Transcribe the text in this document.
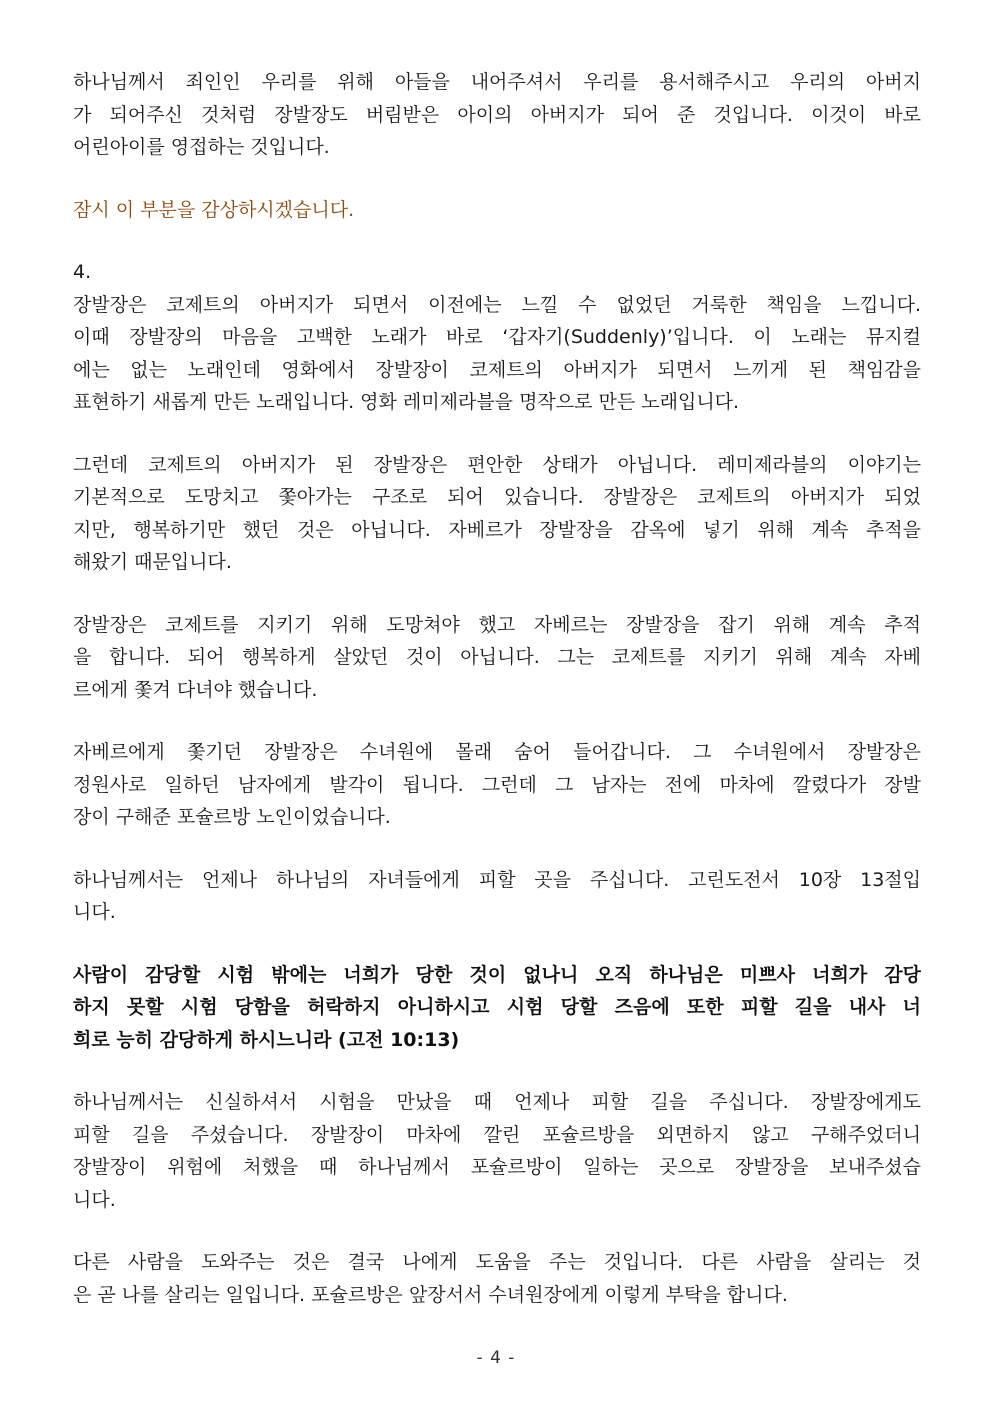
하나님께서 죄인인 우리를 위해 아들을 내어주셔서 우리를 용서해주시고 우리의 아버지
가 되어주신 것처럼 장발장도 버림받은 아이의 아버지가 되어 준 것입니다. 이것이 바로
어린아이를 영접하는 것입니다.
잠시 이 부분을 감상하시겠습니다.
4.
장발장은 코제트의 아버지가 되면서 이전에는 느낄 수 없었던 거룩한 책임을 느낍니다.
이때 장발장의 마음을 고백한 노래가 바로 ‘갑자기(Suddenly)’입니다. 이 노래는 뮤지컬
에는 없는 노래인데 영화에서 장발장이 코제트의 아버지가 되면서 느끼게 된 책임감을
표현하기 새롭게 만든 노래입니다. 영화 레미제라블을 명작으로 만든 노래입니다.
그런데 코제트의 아버지가 된 장발장은 편안한 상태가 아닙니다. 레미제라블의 이야기는
기본적으로 도망치고 쫓아가는 구조로 되어 있습니다. 장발장은 코제트의 아버지가 되었
지만, 행복하기만 했던 것은 아닙니다. 자베르가 장발장을 감옥에 넣기 위해 계속 추적을
해왔기 때문입니다.
장발장은 코제트를 지키기 위해 도망쳐야 했고 자베르는 장발장을 잡기 위해 계속 추적
을 합니다. 되어 행복하게 살았던 것이 아닙니다. 그는 코제트를 지키기 위해 계속 자베
르에게 쫓겨 다녀야 했습니다.
자베르에게 쫓기던 장발장은 수녀원에 몰래 숨어 들어갑니다. 그 수녀원에서 장발장은
정원사로 일하던 남자에게 발각이 됩니다. 그런데 그 남자는 전에 마차에 깔렸다가 장발
장이 구해준 포슐르방 노인이었습니다.
하나님께서는 언제나 하나님의 자녀들에게 피할 곳을 주십니다. 고린도전서 10장 13절입
니다.
사람이 감당할 시험 밖에는 너희가 당한 것이 없나니 오직 하나님은 미쁘사 너희가 감당
하지 못할 시험 당함을 허락하지 아니하시고 시험 당할 즈음에 또한 피할 길을 내사 너
희로 능히 감당하게 하시느니라 (고전 10:13)
하나님께서는 신실하셔서 시험을 만났을 때 언제나 피할 길을 주십니다. 장발장에게도
피할 길을 주셨습니다. 장발장이 마차에 깔린 포슐르방을 외면하지 않고 구해주었더니
장발장이 위험에 처했을 때 하나님께서 포슐르방이 일하는 곳으로 장발장을 보내주셨습
니다.
다른 사람을 도와주는 것은 결국 나에게 도움을 주는 것입니다. 다른 사람을 살리는 것
은 곧 나를 살리는 일입니다. 포슐르방은 앞장서서 수녀원장에게 이렇게 부탁을 합니다.
- 4 -
